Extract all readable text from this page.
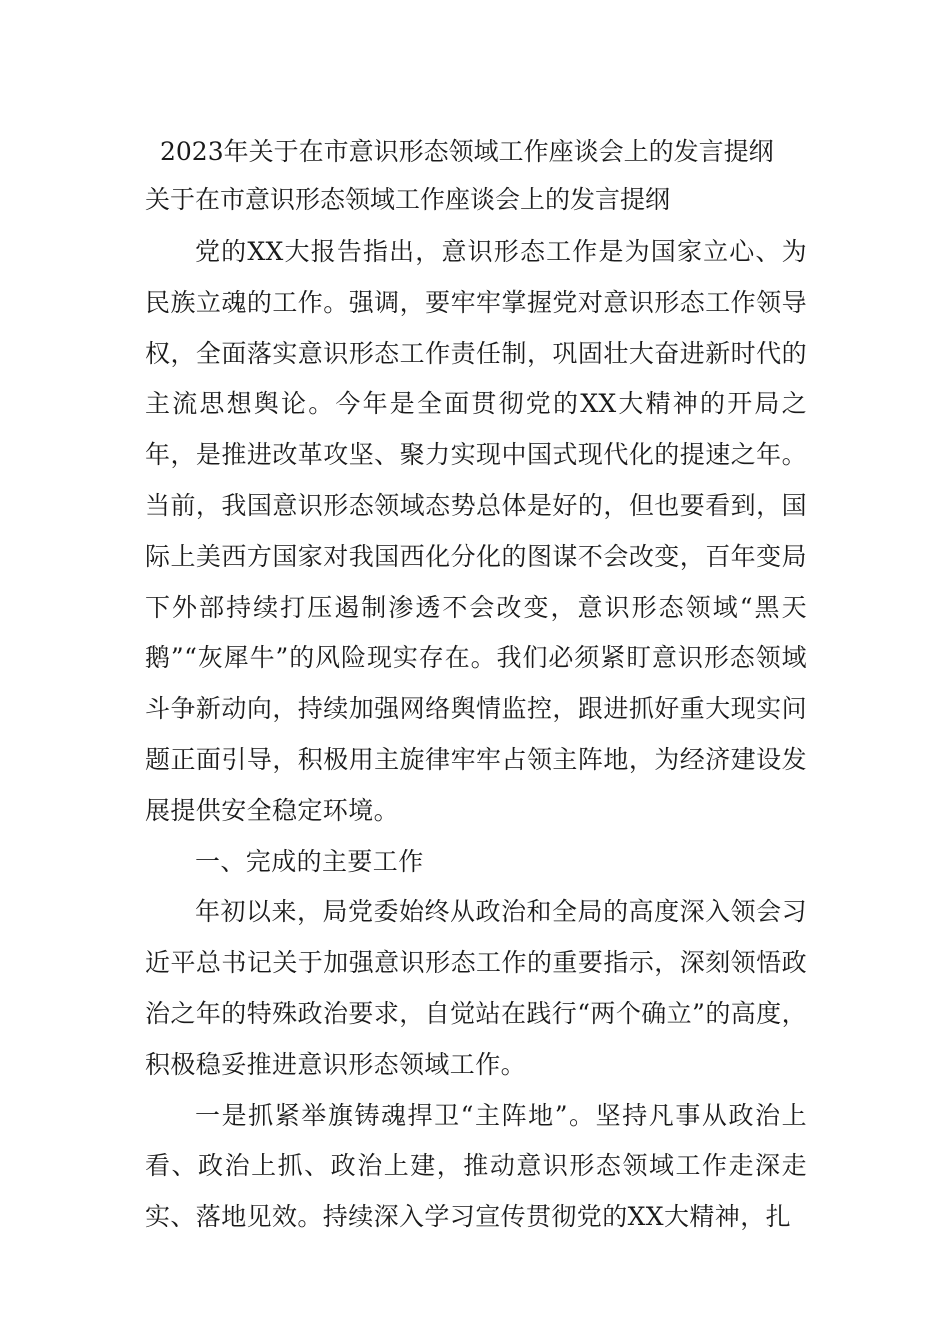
2023年关于在市意识形态领域工作座谈会上的发言提纲
关于在市意识形态领域工作座谈会上的发言提纲

党的XX大报告指出，意识形态工作是为国家立心、为民族立魂的工作。强调，要牢牢掌握党对意识形态工作领导权，全面落实意识形态工作责任制，巩固壮大奋进新时代的主流思想舆论。今年是全面贯彻党的XX大精神的开局之年，是推进改革攻坚、聚力实现中国式现代化的提速之年。当前，我国意识形态领域态势总体是好的，但也要看到，国际上美西方国家对我国西化分化的图谋不会改变，百年变局下外部持续打压遏制渗透不会改变，意识形态领域“黑天鹅”“灰犀牛”的风险现实存在。我们必须紧盯意识形态领域斗争新动向，持续加强网络舆情监控，跟进抓好重大现实问题正面引导，积极用主旋律牢牢占领主阵地，为经济建设发展提供安全稳定环境。

一、完成的主要工作

年初以来，局党委始终从政治和全局的高度深入领会习近平总书记关于加强意识形态工作的重要指示，深刻领悟政治之年的特殊政治要求，自觉站在践行“两个确立”的高度，积极稳妥推进意识形态领域工作。

一是抓紧举旗铸魂捍卫“主阵地”。坚持凡事从政治上看、政治上抓、政治上建，推动意识形态领域工作走深走实、落地见效。持续深入学习宣传贯彻党的XX大精神，扎
